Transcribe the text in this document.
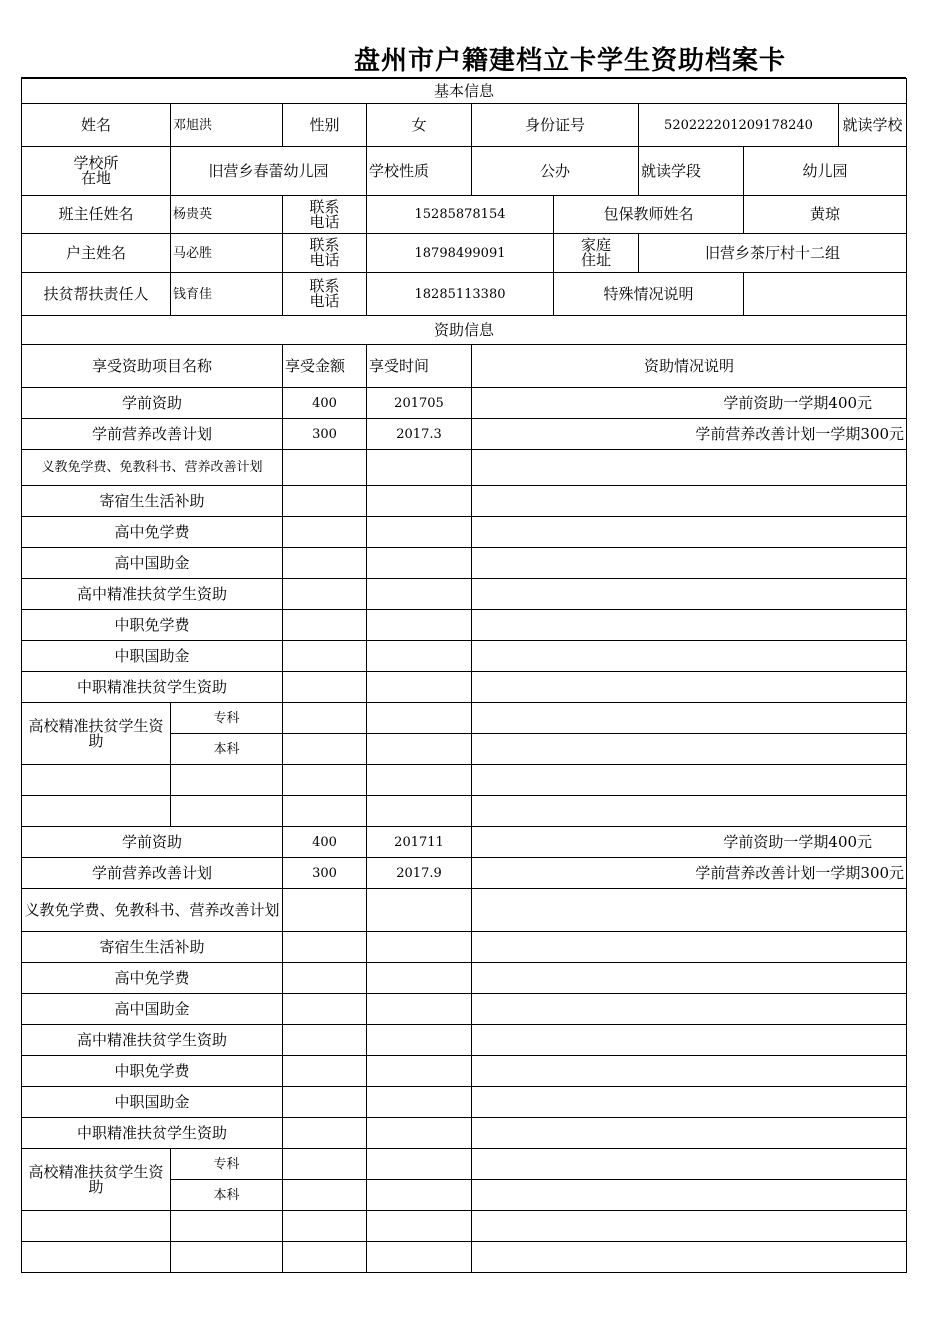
盘州市户籍建档立卡学生资助档案卡
基本信息								
姓名	邓旭洪	性别	女	身份证号		520222201209178240		就读学校
学校所在地	旧营乡春蕾幼儿园		学校性质	公办		就读学段	幼儿园	
班主任姓名	杨贵英	联系电话	15285878154		包保教师姓名		黄琼	
户主姓名	马必胜	联系电话	18798499091		家庭住址	旧营乡茶厅村十二组		
扶贫帮扶责任人	钱育佳	联系电话	18285113380		特殊情况说明			
资助信息								
享受资助项目名称		享受金额	享受时间	资助情况说明				
学前资助		400	201705	学前资助一学期400元				
学前营养改善计划		300	2017.3	学前营养改善计划一学期300元				
义教免学费、免教科书、营养改善计划								
寄宿生生活补助								
高中免学费								
高中国助金								
高中精准扶贫学生资助								
中职免学费								
中职国助金								
中职精准扶贫学生资助								
高校精准扶贫学生资助	专科							
	本科							

学前资助		400	201711	学前资助一学期400元				
学前营养改善计划		300	2017.9	学前营养改善计划一学期300元				
义教免学费、免教科书、营养改善计划								
寄宿生生活补助								
高中免学费								
高中国助金								
高中精准扶贫学生资助								
中职免学费								
中职国助金								
中职精准扶贫学生资助								
高校精准扶贫学生资助	专科							
	本科							
